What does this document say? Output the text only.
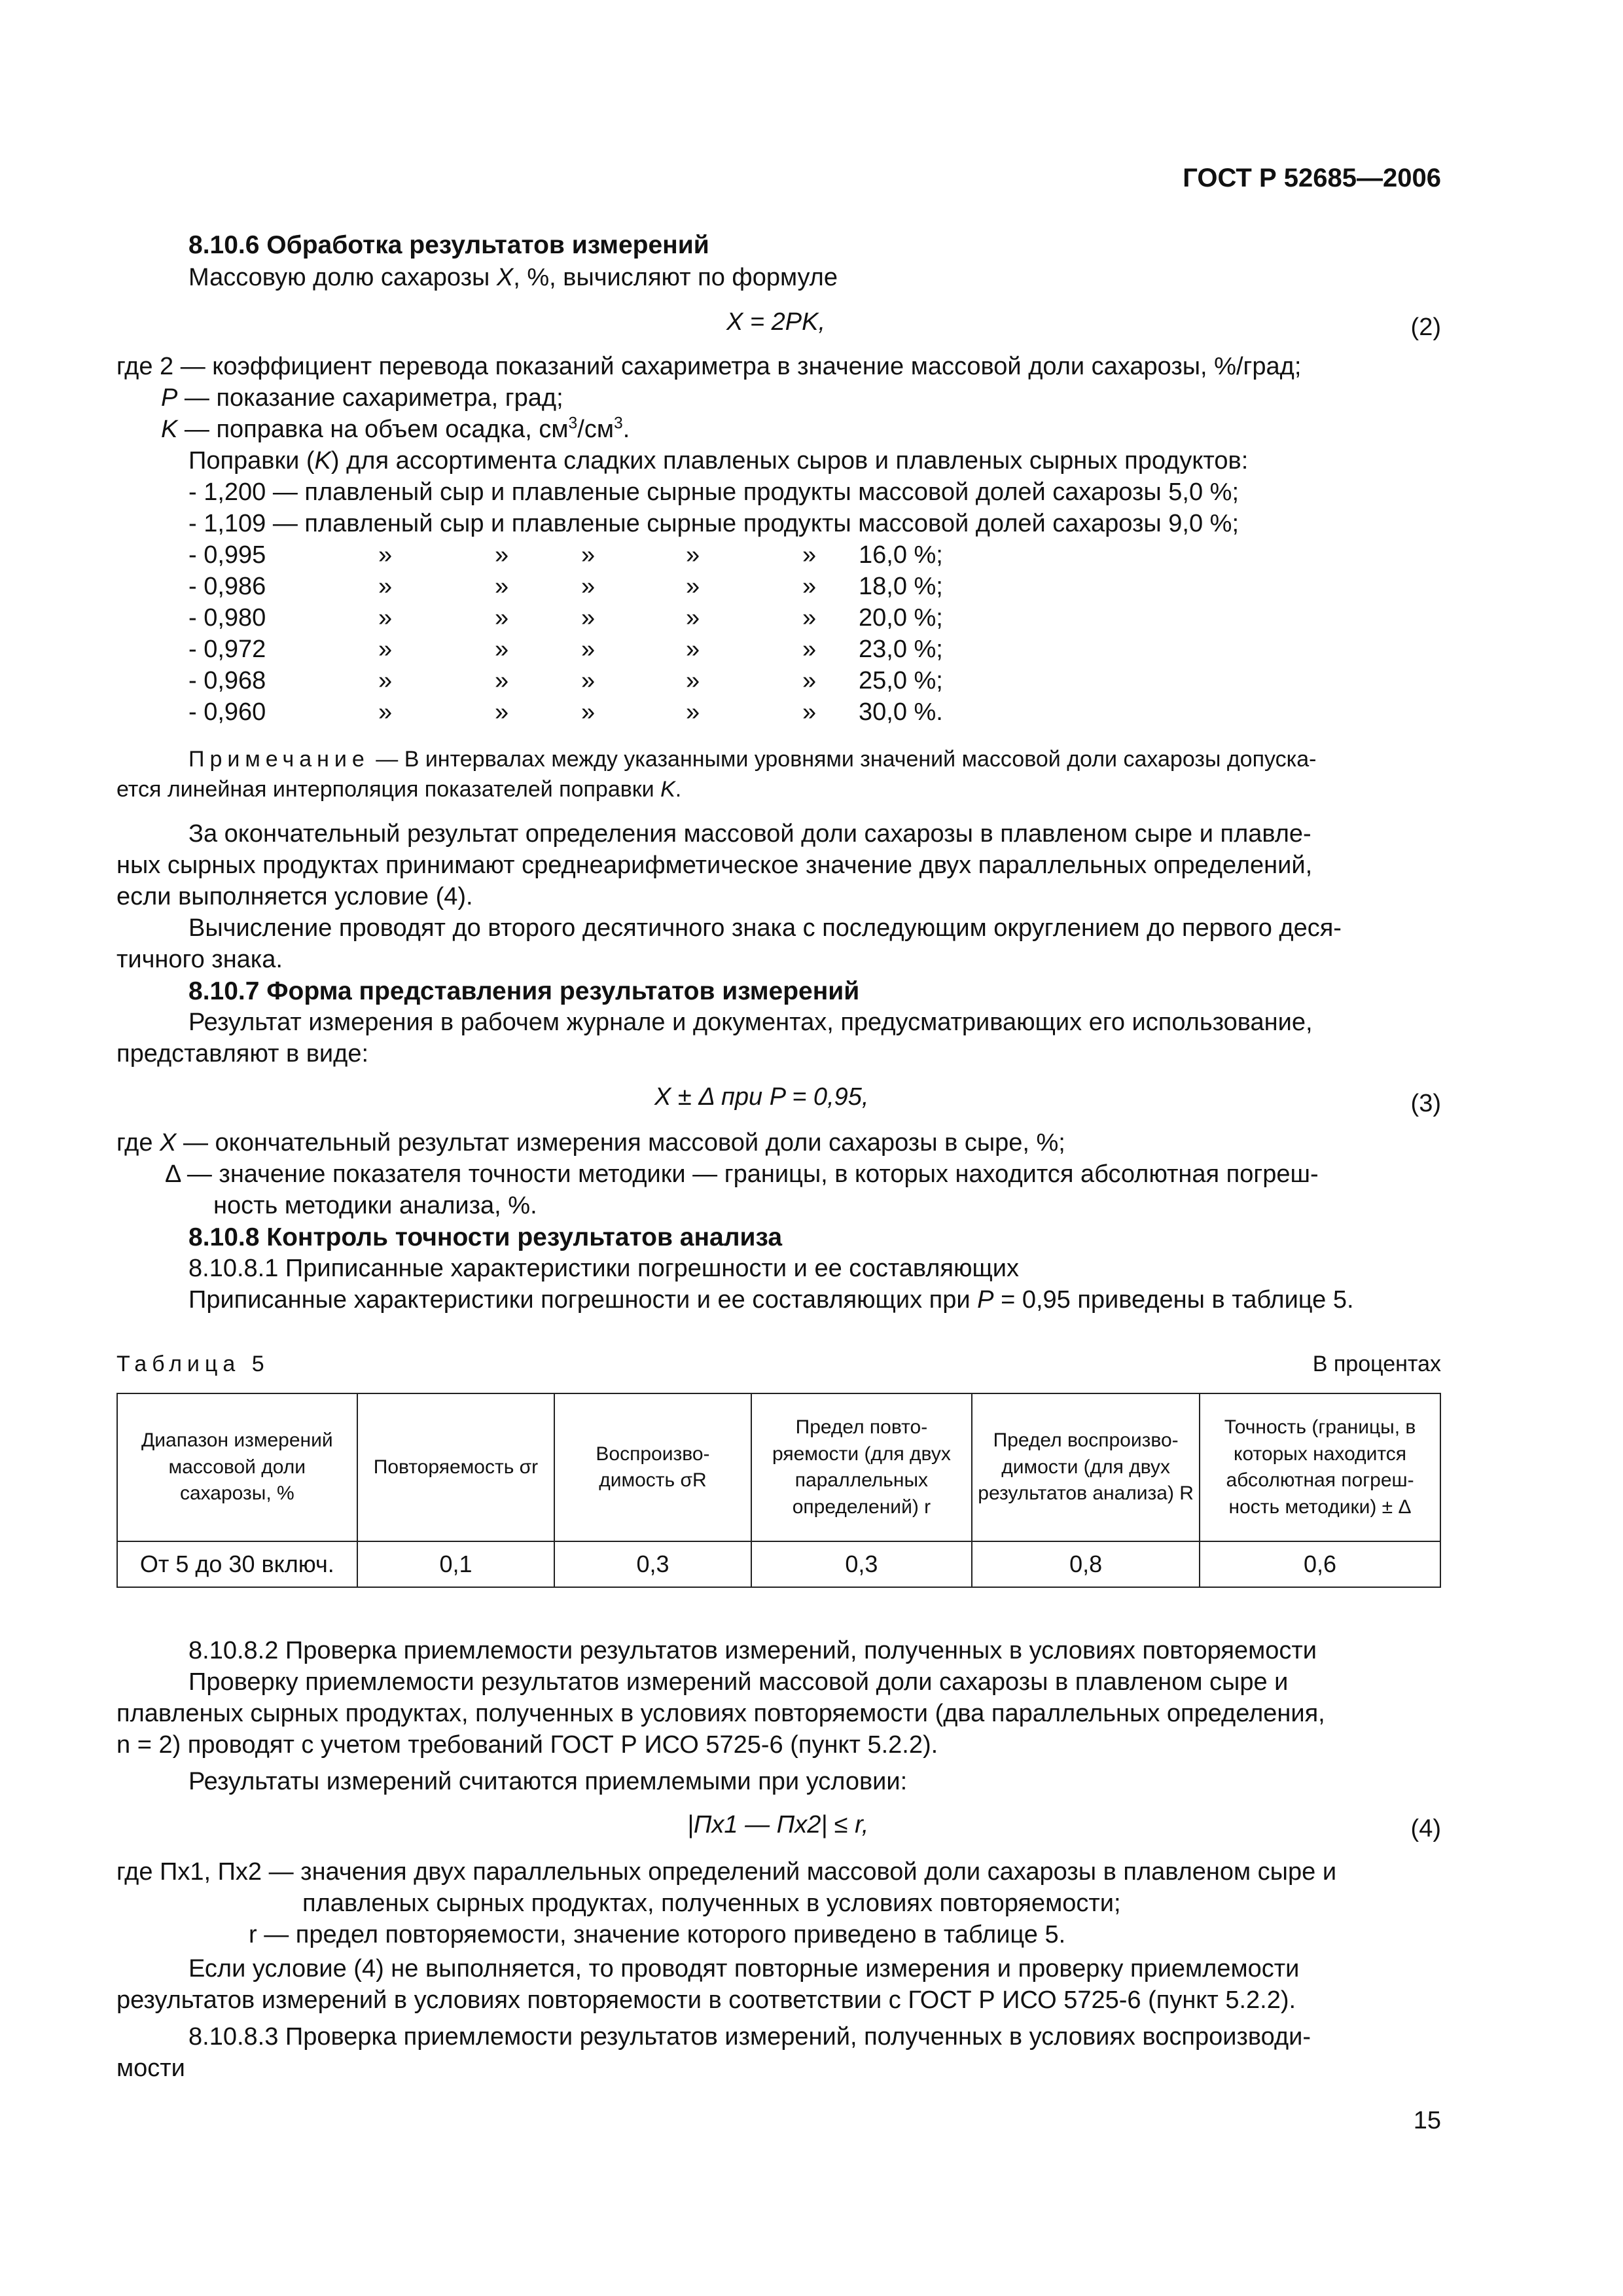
ГОСТ Р 52685—2006
8.10.6 Обработка результатов измерений
Массовую долю сахарозы X, %, вычисляют по формуле
X = 2PK,	(2)
где 2 — коэффициент перевода показаний сахариметра в значение массовой доли сахарозы, %/град;
P — показание сахариметра, град;
K — поправка на объем осадка, $см^3/см^3$.
Поправки (K) для ассортимента сладких плавленых сыров и плавленых сырных продуктов:
- 1,200 — плавленый сыр и плавленые сырные продукты массовой долей сахарозы 5,0 %;
- 1,109 — плавленый сыр и плавленые сырные продукты массовой долей сахарозы 9,0 %;
- 0,995	»	»	»	»	» 16,0 %;
- 0,986	»	»	»	»	» 18,0 %;
- 0,980	»	»	»	»	» 20,0 %;
- 0,972	»	»	»	»	» 23,0 %;
- 0,968	»	»	»	»	» 25,0 %;
- 0,960	»	»	»	»	» 30,0 %.
Примечание — В интервалах между указанными уровнями значений массовой доли сахарозы допуска-
ется линейная интерполяция показателей поправки K.
За окончательный результат определения массовой доли сахарозы в плавленом сыре и плавле-
ных сырных продуктах принимают среднеарифметическое значение двух параллельных определений,
если выполняется условие (4).
Вычисление проводят до второго десятичного знака с последующим округлением до первого деся-
тичного знака.
8.10.7 Форма представления результатов измерений
Результат измерения в рабочем журнале и документах, предусматривающих его использование,
представляют в виде:
X ± Δ при P = 0,95,	(3)
где X — окончательный результат измерения массовой доли сахарозы в сыре, %;
Δ — значение показателя точности методики — границы, в которых находится абсолютная погреш-
ность методики анализа, %.
8.10.8 Контроль точности результатов анализа
8.10.8.1 Приписанные характеристики погрешности и ее составляющих
Приписанные характеристики погрешности и ее составляющих при P = 0,95 приведены в таблице 5.
Таблица 5	В процентах
Диапазон измерений массовой доли сахарозы, %	Повторяемость σr	Воспроизво-димость σR	Предел повто-ряемости (для двух параллельных определений) r	Предел воспроизво-димости (для двух результатов анализа) R	Точность (границы, в которых находится абсолютная погреш-ность методики) ± Δ
От 5 до 30 включ.	0,1	0,3	0,3	0,8	0,6
8.10.8.2 Проверка приемлемости результатов измерений, полученных в условиях повторяемости
Проверку приемлемости результатов измерений массовой доли сахарозы в плавленом сыре и
плавленых сырных продуктах, полученных в условиях повторяемости (два параллельных определения,
n = 2) проводят с учетом требований ГОСТ Р ИСО 5725-6 (пункт 5.2.2).
Результаты измерений считаются приемлемыми при условии:
|Пx1 — Пx2| ≤ r,	(4)
где Пx1, Пx2 — значения двух параллельных определений массовой доли сахарозы в плавленом сыре и
плавленых сырных продуктах, полученных в условиях повторяемости;
r — предел повторяемости, значение которого приведено в таблице 5.
Если условие (4) не выполняется, то проводят повторные измерения и проверку приемлемости
результатов измерений в условиях повторяемости в соответствии с ГОСТ Р ИСО 5725-6 (пункт 5.2.2).
8.10.8.3 Проверка приемлемости результатов измерений, полученных в условиях воспроизводи-
мости
15
